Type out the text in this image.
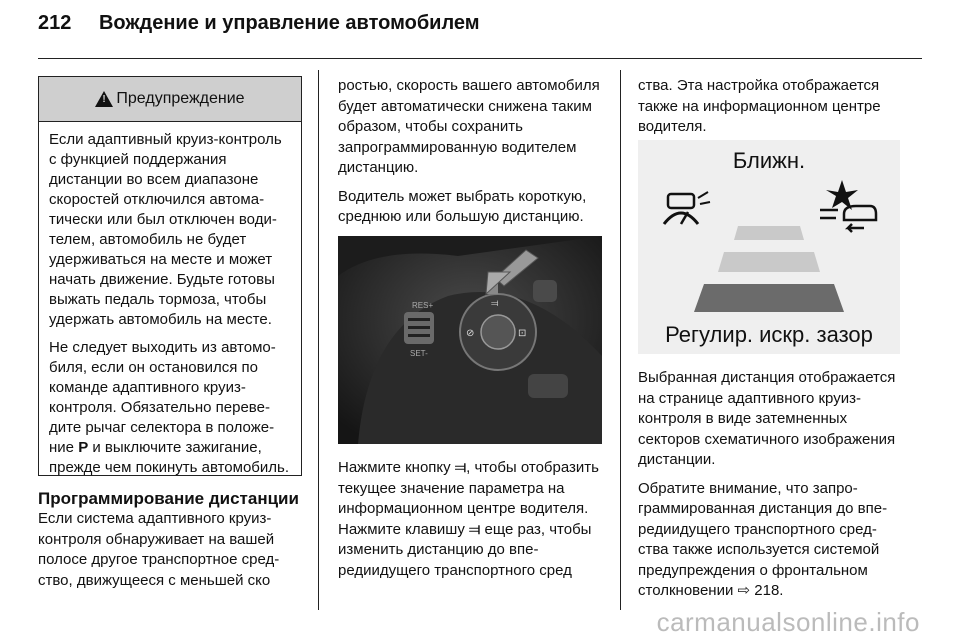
212 Вождение и управление автомобилем
!
Предупреждение

Если адаптивный круиз-контроль с функцией поддержания дистанции во всем диапазоне скоростей отключился автоматически или был отключен водителем, автомобиль не будет удерживаться на месте и может начать движение. Будьте готовы выжать педаль тормоза, чтобы удержать автомобиль на месте.

Не следует выходить из автомобиля, если он остановился по команде адаптивного круиз-контроля. Обязательно переведите рычаг селектора в положение P и выключите зажигание, прежде чем покинуть автомобиль.

Программирование дистанции

Если система адаптивного круиз-контроля обнаруживает на вашей полосе другое транспортное средство, движущееся с меньшей ско

ростью, скорость вашего автомобиля будет автоматически снижена таким образом, чтобы сохранить запрограммированную водителем дистанцию.

Водитель может выбрать короткую, среднюю или большую дистанцию.

RES+
SET-
⫤
⊘	⊡

Нажмите кнопку ⫤, чтобы отобразить текущее значение параметра на информационном центре водителя. Нажмите клавишу ⫤ еще раз, чтобы изменить дистанцию до впередиидущего транспортного сред

ства. Эта настройка отображается также на информационном центре водителя.

Ближн.
Регулир. искр. зазор

Выбранная дистанция отображается на странице адаптивного круиз-контроля в виде затемненных секторов схематичного изображения дистанции.

Обратите внимание, что запрограммированная дистанция до впередиидущего транспортного средства также используется системой предупреждения о фронтальном столкновении ⇨ 218.

carmanualsonline.info
